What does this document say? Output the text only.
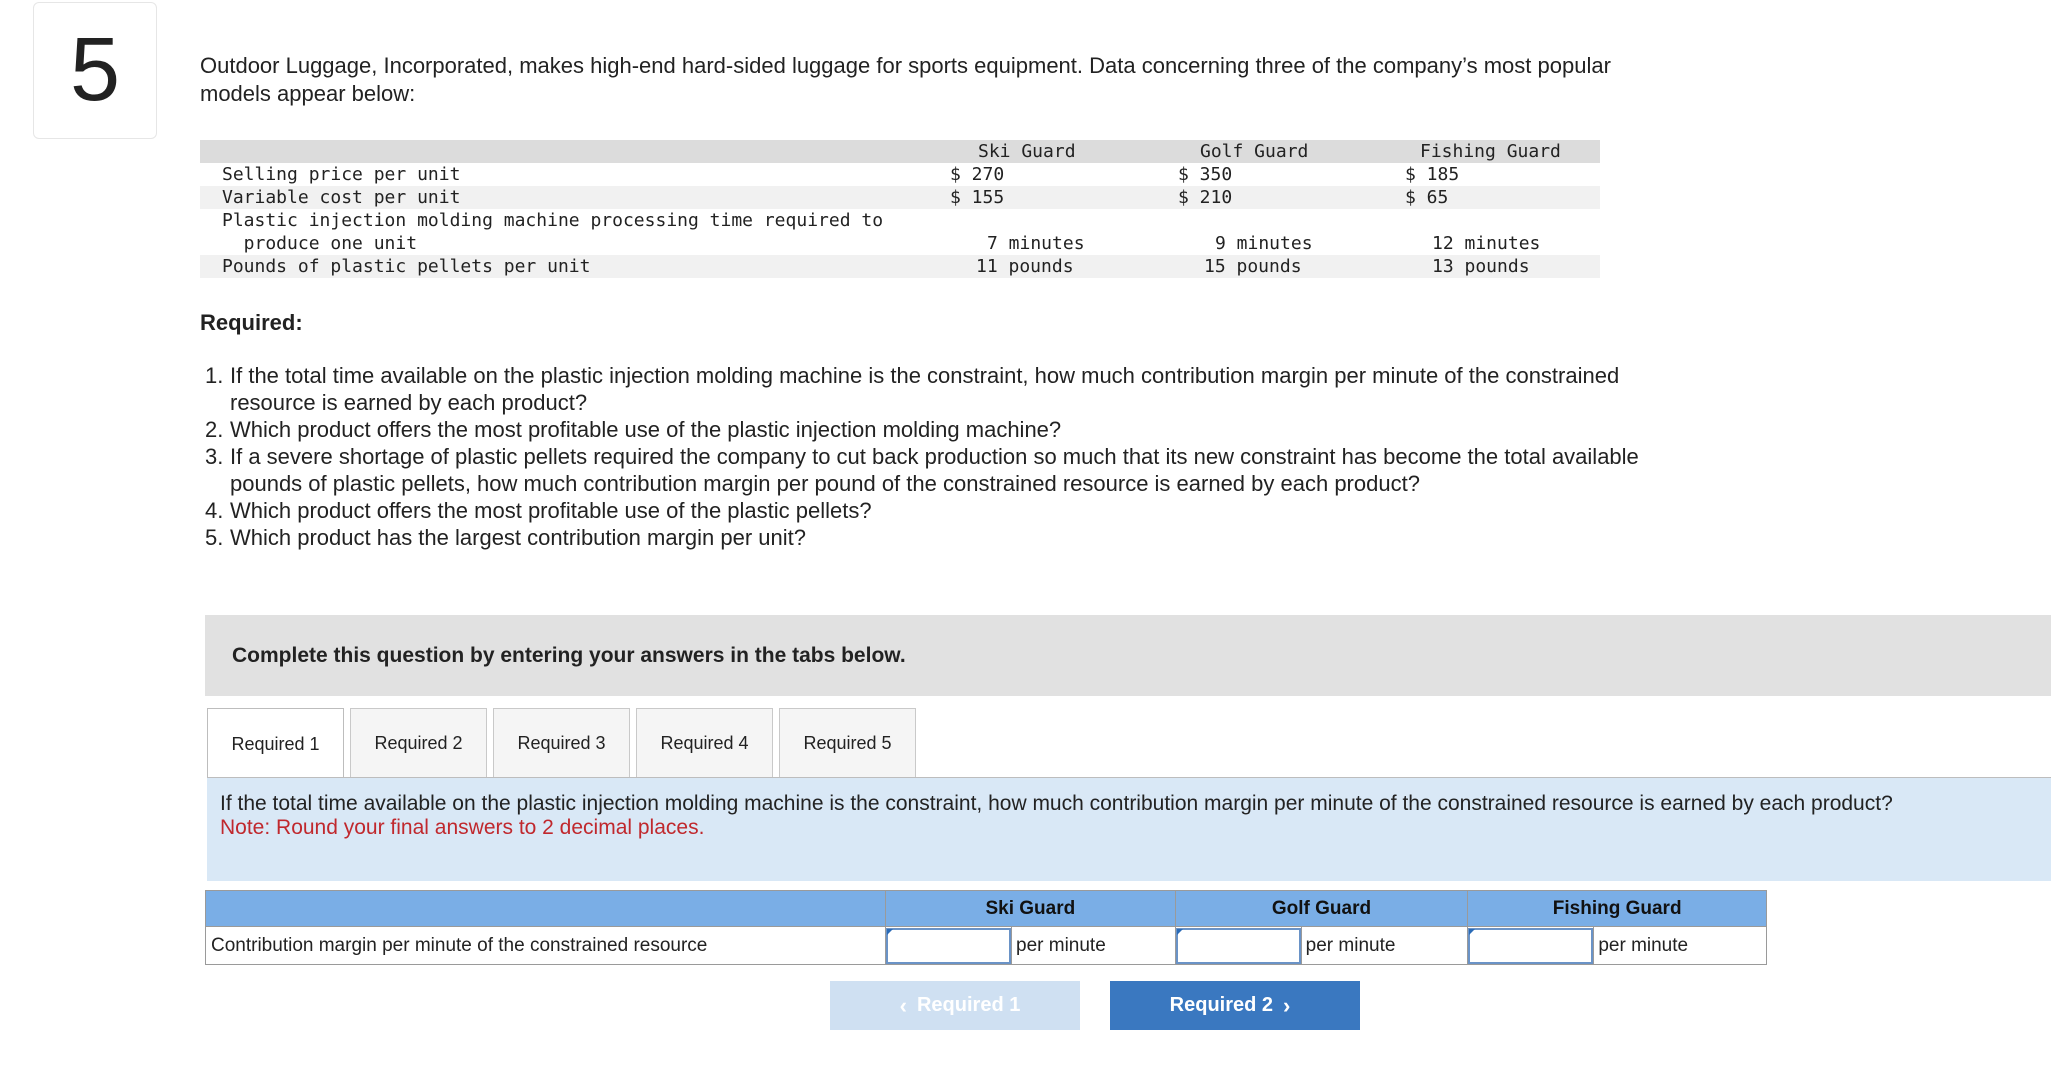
5	Outdoor Luggage, Incorporated, makes high-end hard-sided luggage for sports equipment. Data concerning three of the company’s most popular models appear below:
Ski Guard	Golf Guard	Fishing Guard
Selling price per unit	$ 270	$ 350	$ 185
Variable cost per unit	$ 155	$ 210	$ 65
Plastic injection molding machine processing time required to
produce one unit	7 minutes	9 minutes	12 minutes
Pounds of plastic pellets per unit	11 pounds	15 pounds	13 pounds
Required:
1. If the total time available on the plastic injection molding machine is the constraint, how much contribution margin per minute of the constrained resource is earned by each product?
2. Which product offers the most profitable use of the plastic injection molding machine?
3. If a severe shortage of plastic pellets required the company to cut back production so much that its new constraint has become the total available pounds of plastic pellets, how much contribution margin per pound of the constrained resource is earned by each product?
4. Which product offers the most profitable use of the plastic pellets?
5. Which product has the largest contribution margin per unit?
Complete this question by entering your answers in the tabs below.
Required 1	Required 2	Required 3	Required 4	Required 5
If the total time available on the plastic injection molding machine is the constraint, how much contribution margin per minute of the constrained resource is earned by each product?
Note: Round your final answers to 2 decimal places.
	Ski Guard		Golf Guard		Fishing Guard	
Contribution margin per minute of the constrained resource		per minute		per minute		per minute
‹ Required 1	Required 2 ›
